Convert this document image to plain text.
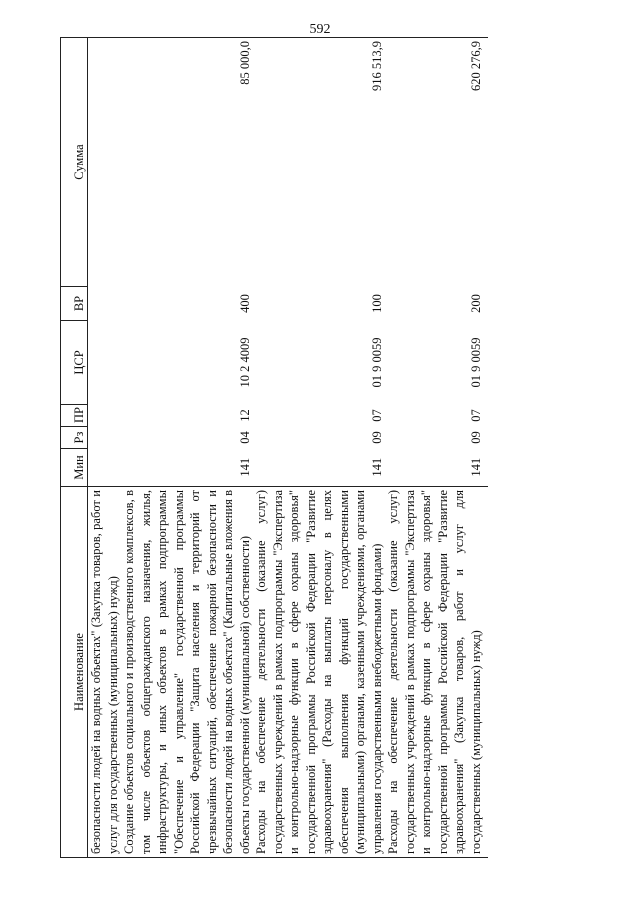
592
Наименование	Мин	Рз	ПР	ЦСР	ВР	Сумма
безопасности людей на водных объектах" (Закупка товаров, работ и услуг для государственных (муниципальных) нужд)						
Создание объектов социального и производственного комплексов, в том числе объектов общегражданского назначения, жилья, инфраструктуры, и иных объектов в рамках подпрограммы "Обеспечение и управление" государственной программы Российской Федерации "Защита населения и территорий от чрезвычайных ситуаций, обеспечение пожарной безопасности и безопасности людей на водных объектах" (Капитальные вложения в объекты государственной (муниципальной) собственности)	141	04	12	10 2 4009	400	85 000,0
Расходы на обеспечение деятельности (оказание услуг) государственных учреждений в рамках подпрограммы "Экспертиза и контрольно-надзорные функции в сфере охраны здоровья" государственной программы Российской Федерации "Развитие здравоохранения" (Расходы на выплаты персоналу в целях обеспечения выполнения функций государственными (муниципальными) органами, казенными учреждениями, органами управления государственными внебюджетными фондами)	141	09	07	01 9 0059	100	916 513,9
Расходы на обеспечение деятельности (оказание услуг) государственных учреждений в рамках подпрограммы "Экспертиза и контрольно-надзорные функции в сфере охраны здоровья" государственной программы Российской Федерации "Развитие здравоохранения" (Закупка товаров, работ и услуг для государственных (муниципальных) нужд)	141	09	07	01 9 0059	200	620 276,9
